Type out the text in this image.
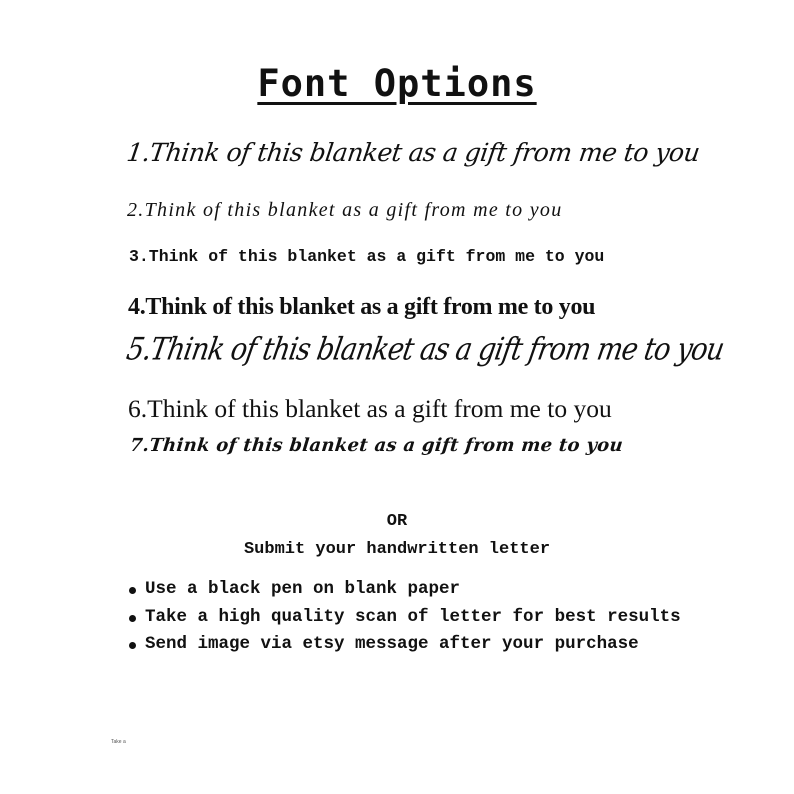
Font Options
1.Think of this blanket as a gift from me to you
2.Think of this blanket as a gift from me to you
3.Think of this blanket as a gift from me to you
4.Think of this blanket as a gift from me to you
5.Think of this blanket as a gift from me to you
6.Think of this blanket as a gift from me to you
7.Think of this blanket as a gift from me to you
OR
Submit your handwritten letter
Use a black pen on blank paper
Take a high quality scan of letter for best results
Send image via etsy message after your purchase
Take a
